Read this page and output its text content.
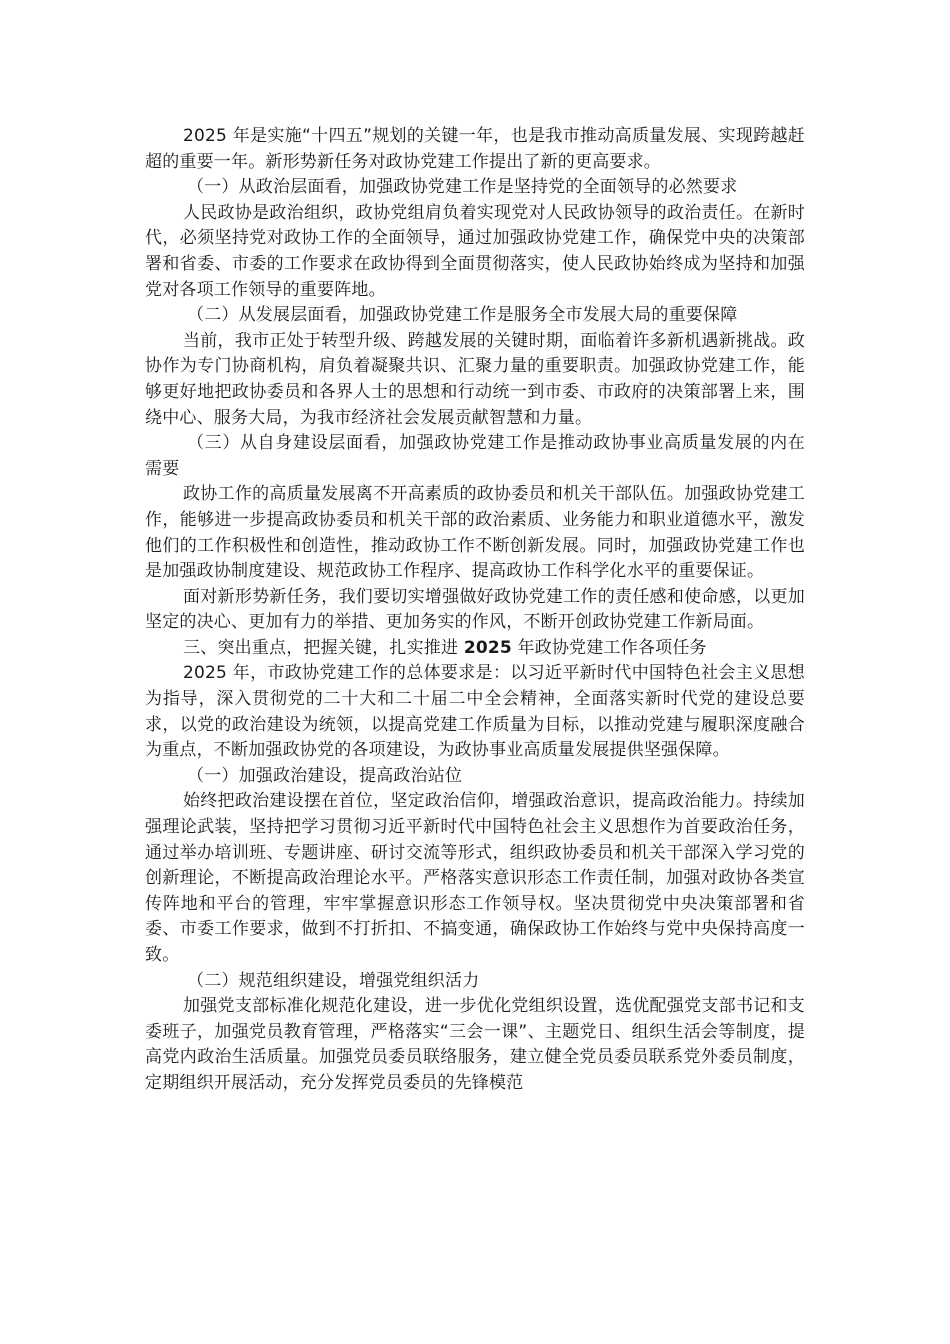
2025 年是实施“十四五”规划的关键一年，也是我市推动高质量发展、实现跨越赶超的重要一年。新形势新任务对政协党建工作提出了新的更高要求。

（一）从政治层面看，加强政协党建工作是坚持党的全面领导的必然要求

人民政协是政治组织，政协党组肩负着实现党对人民政协领导的政治责任。在新时代，必须坚持党对政协工作的全面领导，通过加强政协党建工作，确保党中央的决策部署和省委、市委的工作要求在政协得到全面贯彻落实，使人民政协始终成为坚持和加强党对各项工作领导的重要阵地。

（二）从发展层面看，加强政协党建工作是服务全市发展大局的重要保障

当前，我市正处于转型升级、跨越发展的关键时期，面临着许多新机遇新挑战。政协作为专门协商机构，肩负着凝聚共识、汇聚力量的重要职责。加强政协党建工作，能够更好地把政协委员和各界人士的思想和行动统一到市委、市政府的决策部署上来，围绕中心、服务大局，为我市经济社会发展贡献智慧和力量。

（三）从自身建设层面看，加强政协党建工作是推动政协事业高质量发展的内在需要

政协工作的高质量发展离不开高素质的政协委员和机关干部队伍。加强政协党建工作，能够进一步提高政协委员和机关干部的政治素质、业务能力和职业道德水平，激发他们的工作积极性和创造性，推动政协工作不断创新发展。同时，加强政协党建工作也是加强政协制度建设、规范政协工作程序、提高政协工作科学化水平的重要保证。

面对新形势新任务，我们要切实增强做好政协党建工作的责任感和使命感，以更加坚定的决心、更加有力的举措、更加务实的作风，不断开创政协党建工作新局面。

三、突出重点，把握关键，扎实推进 2025 年政协党建工作各项任务

2025 年，市政协党建工作的总体要求是：以习近平新时代中国特色社会主义思想为指导，深入贯彻党的二十大和二十届二中全会精神，全面落实新时代党的建设总要求，以党的政治建设为统领，以提高党建工作质量为目标，以推动党建与履职深度融合为重点，不断加强政协党的各项建设，为政协事业高质量发展提供坚强保障。

（一）加强政治建设，提高政治站位

始终把政治建设摆在首位，坚定政治信仰，增强政治意识，提高政治能力。持续加强理论武装，坚持把学习贯彻习近平新时代中国特色社会主义思想作为首要政治任务，通过举办培训班、专题讲座、研讨交流等形式，组织政协委员和机关干部深入学习党的创新理论，不断提高政治理论水平。严格落实意识形态工作责任制，加强对政协各类宣传阵地和平台的管理，牢牢掌握意识形态工作领导权。坚决贯彻党中央决策部署和省委、市委工作要求，做到不打折扣、不搞变通，确保政协工作始终与党中央保持高度一致。

（二）规范组织建设，增强党组织活力

加强党支部标准化规范化建设，进一步优化党组织设置，选优配强党支部书记和支委班子，加强党员教育管理，严格落实“三会一课”、主题党日、组织生活会等制度，提高党内政治生活质量。加强党员委员联络服务，建立健全党员委员联系党外委员制度，定期组织开展活动，充分发挥党员委员的先锋模范
